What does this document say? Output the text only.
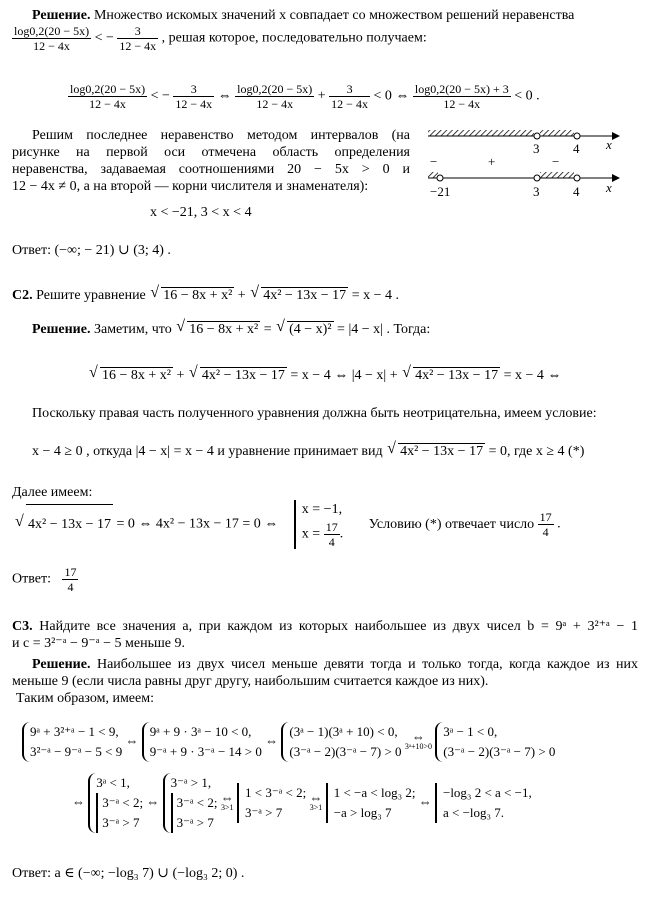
Решение. Множество искомых значений x совпадает со множеством решений неравенства
$\frac{\log 0,2(20 - 5x)}{12 - 4x}$ < − $\frac{3}{12 - 4x}$ , решая которое, последовательно получаем:
$\frac{\log 0,2(20 - 5x)}{12 - 4x}$ < − $\frac{3}{12 - 4x}$ ⇔ $\frac{\log 0,2(20 - 5x)}{12 - 4x} + \frac{3}{12 - 4x} < 0$ ⇔ $\frac{\log 0,2(20 - 5x) + 3}{12 - 4x} < 0$ .
Решим последнее неравенство методом интервалов (на
рисунке на первой оси отмечена область определения
неравенства, задаваемая соотношениями 20 − 5x > 0 и
12 − 4x ≠ 0, а на второй — корни числителя и знаменателя):
3	4 x
−	+	−
−21	3	4 x
x < −21, 3 < x < 4
Ответ: (−∞; − 21) ∪ (3; 4) .
С2. Решите уравнение √ 16 − 8x + x² + √ 4x² − 13x − 17 = x − 4 .
Решение. Заметим, что √ 16 − 8x + x² = √ (4 − x)² = |4 − x| . Тогда:
√ 16 − 8x + x² + √ 4x² − 13x − 17 = x − 4 ⇔ |4 − x| + √ 4x² − 13x − 17 = x − 4 ⇔
Поскольку правая часть полученного уравнения должна быть неотрицательна, имеем условие:
x − 4 ≥ 0 , откуда |4 − x| = x − 4 и уравнение принимает вид √ 4x² − 13x − 17 = 0, где x ≥ 4 (*)
Далее имеем:
√ 4x² − 13x − 17 = 0 ⇔ 4x² − 13x − 17 = 0 ⇔
x = −1,
$x = \frac{17}{4}$ .
Условию (*) отвечает число $\frac{17}{4}$ .
Ответ: $\frac{17}{4}$
С3. Найдите все значения a, при каждом из которых наибольшее из двух чисел b = 9ᵃ + 3²⁺ᵃ − 1
и c = 3²⁻ᵃ − 9⁻ᵃ − 5 меньше 9.
Решение. Наибольшее из двух чисел меньше девяти тогда и только тогда, когда каждое из них
меньше 9 (если числа равны друг другу, наибольшим считается каждое из них).
Таким образом, имеем:
9ᵃ + 3²⁺ᵃ − 1 < 9,
3²⁻ᵃ − 9⁻ᵃ − 5 < 9
⇔
9ᵃ + 9 · 3ᵃ − 10 < 0,
9⁻ᵃ + 9 · 3⁻ᵃ − 14 > 0
⇔
(3ᵃ − 1)(3ᵃ + 10) < 0,
(3⁻ᵃ − 2)(3⁻ᵃ − 7) > 0

⇔
3ᵃ+10>0

3ᵃ − 1 < 0,
(3⁻ᵃ − 2)(3⁻ᵃ − 7) > 0
⇔
3ᵃ < 1,
3⁻ᵃ < 2;
3⁻ᵃ > 7
⇔
3⁻ᵃ > 1,
3⁻ᵃ < 2;
3⁻ᵃ > 7

⇔
3>1

1 < 3⁻ᵃ < 2;
3⁻ᵃ > 7

⇔
3>1

1 < −a < log₃ 2;
−a > log₃ 7
⇔
−log₃ 2 < a < −1,
a < −log₃ 7.
Ответ: a ∈ (−∞; −log₃ 7) ∪ (−log₃ 2; 0) .
